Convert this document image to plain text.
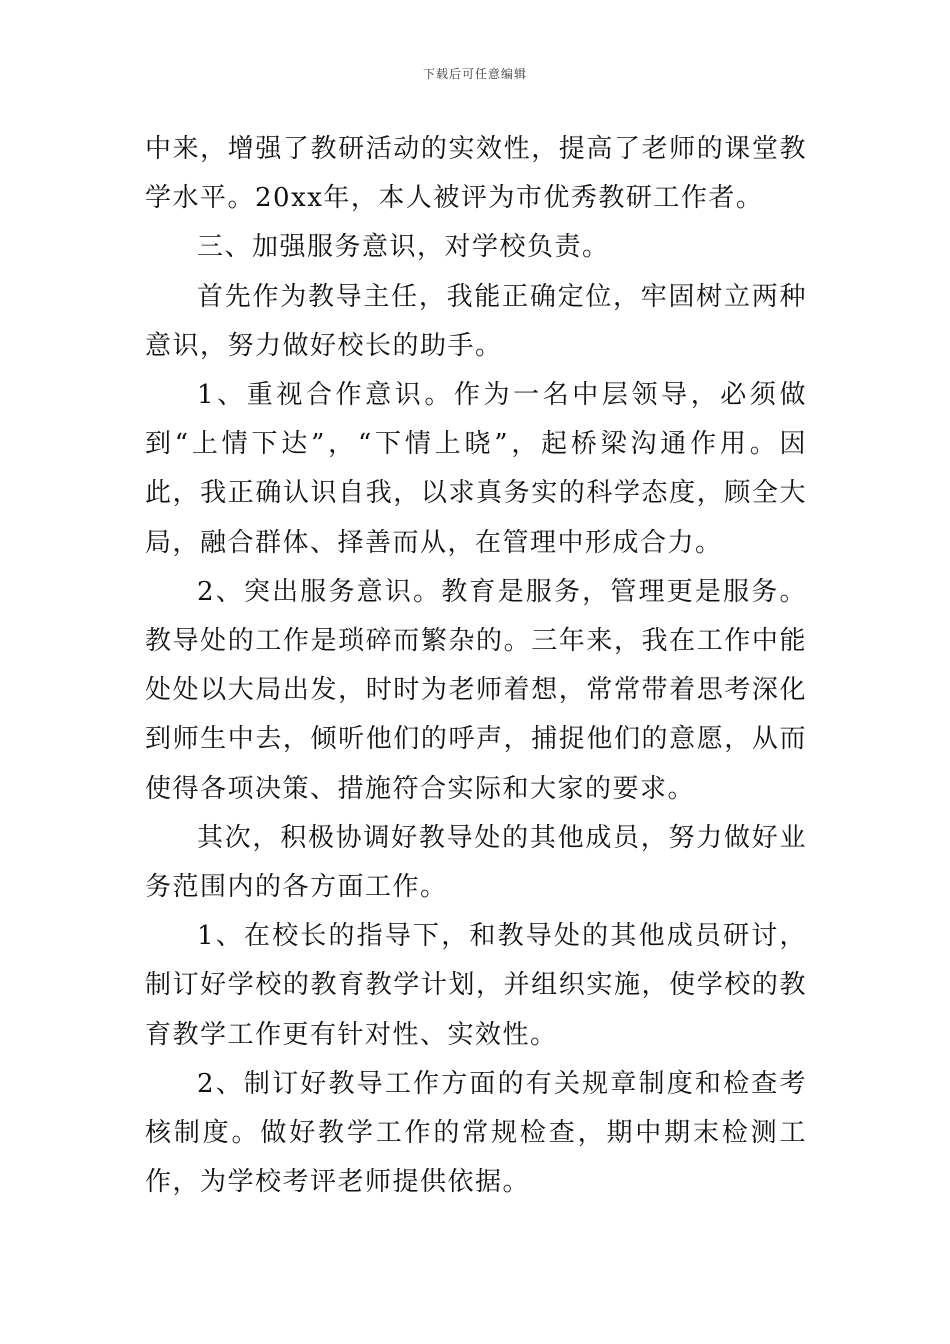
下载后可任意编辑

中来，增强了教研活动的实效性，提高了老师的课堂教学水平。20xx年，本人被评为市优秀教研工作者。

三、加强服务意识，对学校负责。

首先作为教导主任，我能正确定位，牢固树立两种意识，努力做好校长的助手。

1、重视合作意识。作为一名中层领导，必须做到“上情下达”，“下情上晓”，起桥梁沟通作用。因此，我正确认识自我，以求真务实的科学态度，顾全大局，融合群体、择善而从，在管理中形成合力。

2、突出服务意识。教育是服务，管理更是服务。教导处的工作是琐碎而繁杂的。三年来，我在工作中能处处以大局出发，时时为老师着想，常常带着思考深化到师生中去，倾听他们的呼声，捕捉他们的意愿，从而使得各项决策、措施符合实际和大家的要求。

其次，积极协调好教导处的其他成员，努力做好业务范围内的各方面工作。

1、在校长的指导下，和教导处的其他成员研讨，制订好学校的教育教学计划，并组织实施，使学校的教育教学工作更有针对性、实效性。

2、制订好教导工作方面的有关规章制度和检查考核制度。做好教学工作的常规检查，期中期末检测工作，为学校考评老师提供依据。
